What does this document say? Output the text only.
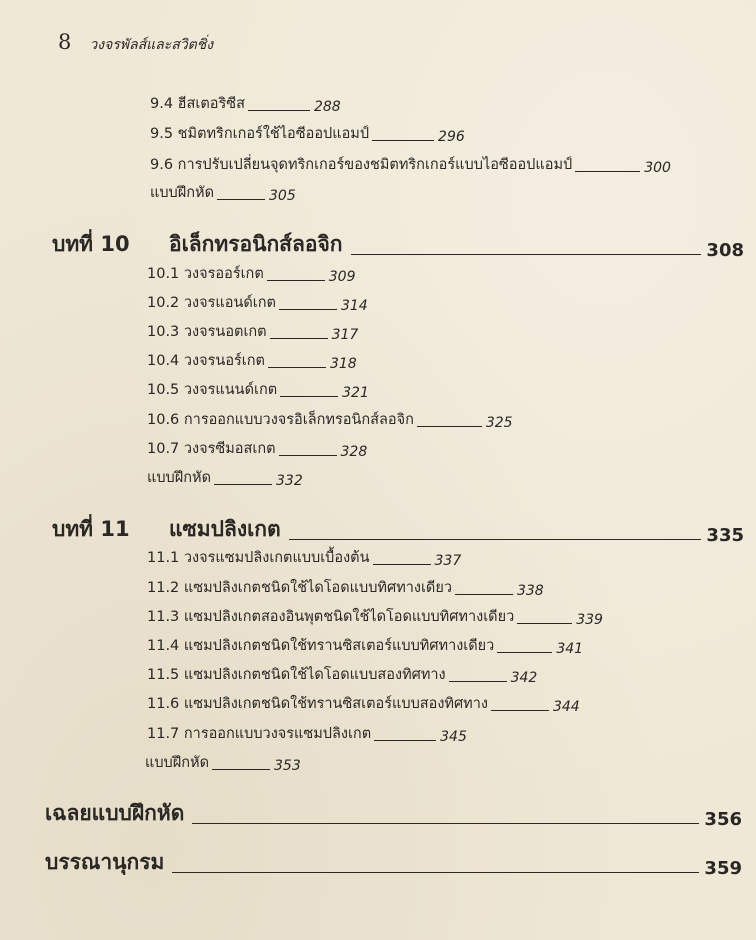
8 วงจรพัลส์และสวิตชิ่ง
9.4 ฮีสเตอริซีส	288
9.5 ชมิตทริกเกอร์ใช้ไอซีออปแอมป์	296
9.6 การปรับเปลี่ยนจุดทริกเกอร์ของชมิตทริกเกอร์แบบไอซีออปแอมป์	300
แบบฝึกหัด	305
บทที่ 10	อิเล็กทรอนิกส์ลอจิก	308
10.1 วงจรออร์เกต	309
10.2 วงจรแอนด์เกต	314
10.3 วงจรนอตเกต	317
10.4 วงจรนอร์เกต	318
10.5 วงจรแนนด์เกต	321
10.6 การออกแบบวงจรอิเล็กทรอนิกส์ลอจิก	325
10.7 วงจรซีมอสเกต	328
แบบฝึกหัด	332
บทที่ 11	แซมปลิงเกต	335
11.1 วงจรแซมปลิงเกตแบบเบื้องต้น	337
11.2 แซมปลิงเกตชนิดใช้ไดโอดแบบทิศทางเดียว	338
11.3 แซมปลิงเกตสองอินพุตชนิดใช้ไดโอดแบบทิศทางเดียว	339
11.4 แซมปลิงเกตชนิดใช้ทรานซิสเตอร์แบบทิศทางเดียว	341
11.5 แซมปลิงเกตชนิดใช้ไดโอดแบบสองทิศทาง	342
11.6 แซมปลิงเกตชนิดใช้ทรานซิสเตอร์แบบสองทิศทาง	344
11.7 การออกแบบวงจรแซมปลิงเกต	345
แบบฝึกหัด	353
เฉลยแบบฝึกหัด	356
บรรณานุกรม	359
